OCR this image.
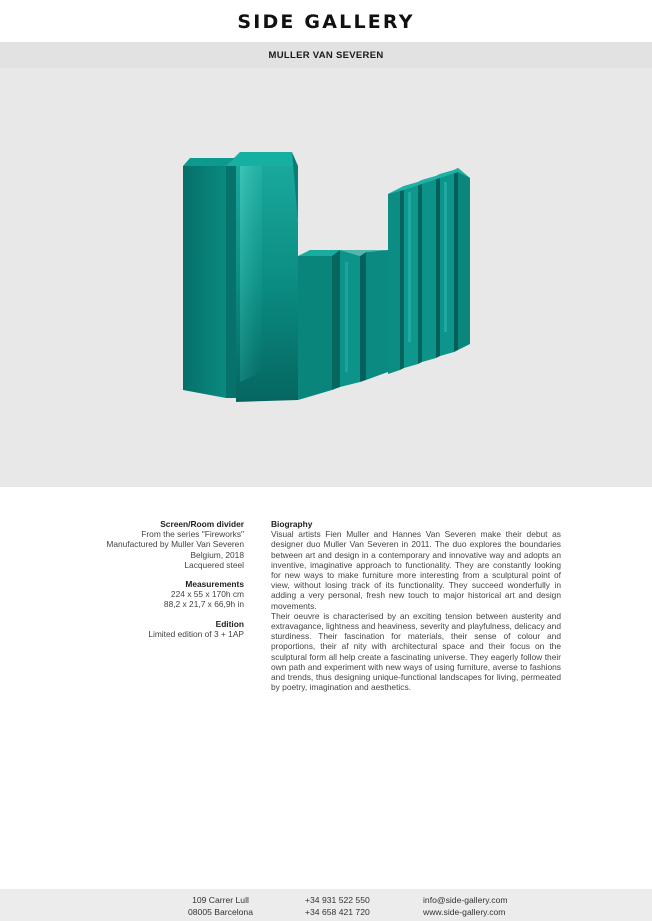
SIDE GALLERY
MULLER VAN SEVEREN
Screen/Room divider
From the series "Fireworks"
Manufactured by Muller Van Severen
Belgium, 2018
Lacquered steel
Measurements
224 x 55 x 170h cm
88,2 x 21,7 x 66,9h in
Edition
Limited edition of 3 + 1AP
Biography
Visual artists Fien Muller and Hannes Van Severen make their debut as designer duo Muller Van Severen in 2011. The duo explores the boundaries between art and design in a contemporary and innovative way and adopts an inventive, imaginative approach to functionality. They are constantly looking for new ways to make furniture more interesting from a sculptural point of view, without losing track of its functionality. They succeed wonderfully in adding a very personal, fresh new touch to major historical art and design movements.
Their oeuvre is characterised by an exciting tension between austerity and extravagance, lightness and heaviness, severity and playfulness, delicacy and sturdiness. Their fascination for materials, their sense of colour and proportions, their af nity with architectural space and their focus on the sculptural form all help create a fascinating universe. They eagerly follow their own path and experiment with new ways of using furniture, averse to fashions and trends, thus designing unique-functional landscapes for living, permeated by poetry, imagination and aesthetics.
109 Carrer Lull
08005 Barcelona
+34 931 522 550
+34 658 421 720
info@side-gallery.com
www.side-gallery.com
